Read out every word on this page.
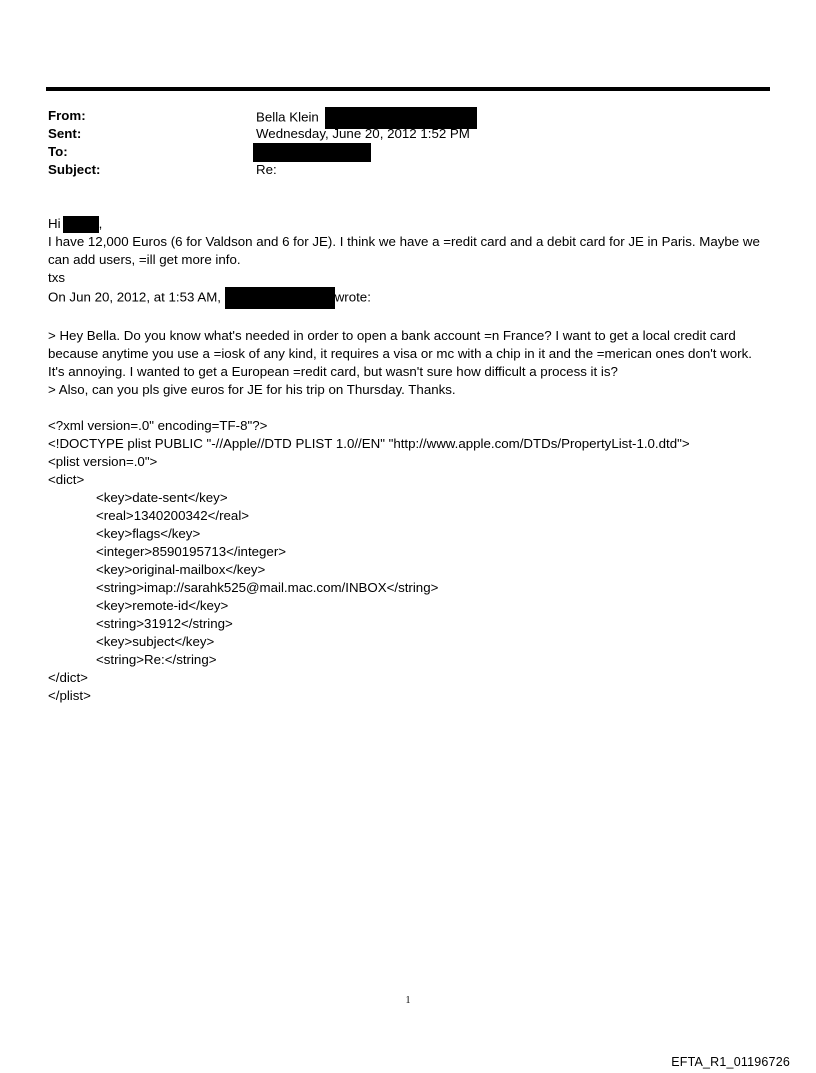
From:	Bella Klein
Sent:	Wednesday, June 20, 2012 1:52 PM
To:
Subject:	Re:
Hi	,
I have 12,000 Euros (6 for Valdson and 6 for JE). I think we have a =redit card and a debit card for JE in Paris. Maybe we can add users, =ill get more info.
txs
On Jun 20, 2012, at 1:53 AM,	wrote:
> Hey Bella. Do you know what's needed in order to open a bank account =n France? I want to get a local credit card because anytime you use a =iosk of any kind, it requires a visa or mc with a chip in it and the =merican ones don't work. It's annoying. I wanted to get a European =redit card, but wasn't sure how difficult a process it is?
> Also, can you pls give euros for JE for his trip on Thursday. Thanks.
<?xml version=.0" encoding=TF-8"?>
<!DOCTYPE plist PUBLIC "-//Apple//DTD PLIST 1.0//EN" "http://www.apple.com/DTDs/PropertyList-1.0.dtd">
<plist version=.0">
<dict>
<key>date-sent</key>
<real>1340200342</real>
<key>flags</key>
<integer>8590195713</integer>
<key>original-mailbox</key>
<string>imap://sarahk525@mail.mac.com/INBOX</string>
<key>remote-id</key>
<string>31912</string>
<key>subject</key>
<string>Re:</string>
</dict>
</plist>
1
EFTA_R1_01196726
